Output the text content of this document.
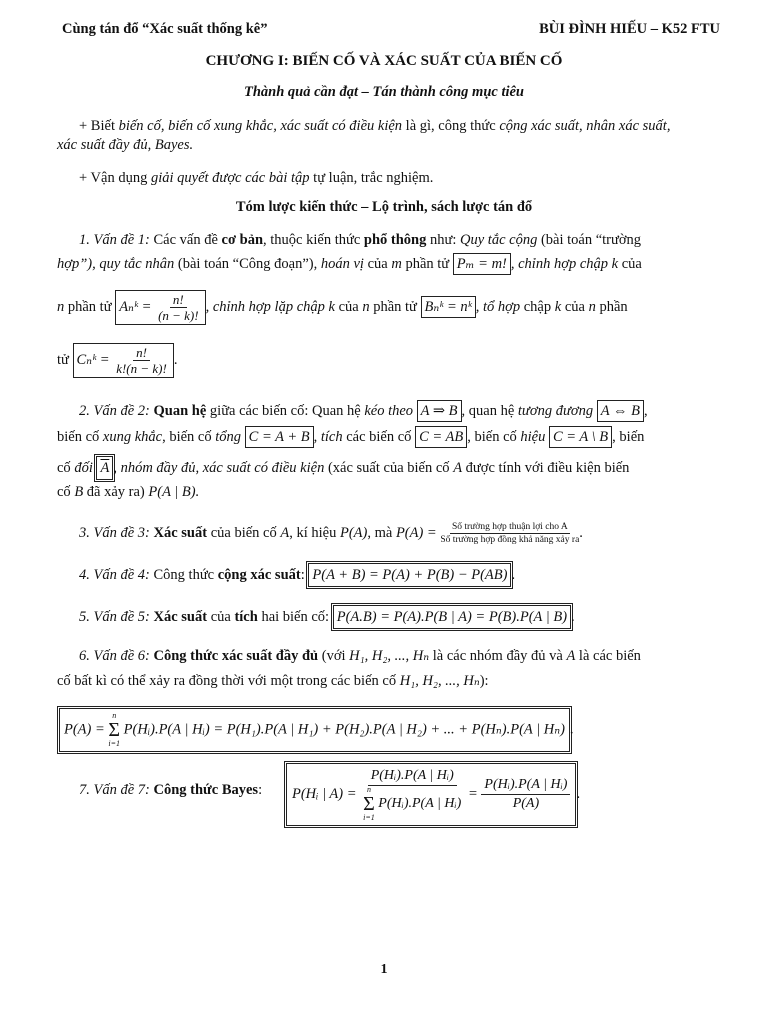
Cùng tán đổ “Xác suất thống kê”	BÙI ĐÌNH HIẾU – K52 FTU
CHƯƠNG I: BIẾN CỐ VÀ XÁC SUẤT CỦA BIẾN CỐ
Thành quả cần đạt – Tán thành công mục tiêu
+ Biết biến cố, biến cố xung khắc, xác suất có điều kiện là gì, công thức cộng xác suất, nhân xác suất,
xác suất đầy đủ, Bayes.
+ Vận dụng giải quyết được các bài tập tự luận, trắc nghiệm.
Tóm lược kiến thức – Lộ trình, sách lược tán đổ
1. Vấn đề 1: Các vấn đề cơ bản, thuộc kiến thức phổ thông như: Quy tắc cộng (bài toán “trường
hợp”), quy tắc nhân (bài toán “Công đoạn”), hoán vị của m phần tử Pₘ = m! , chỉnh hợp chập k của
n phần tử Aₙᵏ = $\frac{n!}{(n - k)!}$ , chỉnh hợp lặp chập k của n phần tử Bₙᵏ = nᵏ , tổ hợp chập k của n phần
tử Cₙᵏ = $\frac{n!}{k!(n - k)!}$ .
2. Vấn đề 2: Quan hệ giữa các biến cố: Quan hệ kéo theo A ⇒ B , quan hệ tương đương A ⇔ B ,
biến cố xung khắc, biến cố tổng C = A + B , tích các biến cố C = AB , biến cố hiệu C = A \ B , biến
cố đối $\overline{A}$ , nhóm đầy đủ, xác suất có điều kiện (xác suất của biến cố A được tính với điều kiện biến
cố B đã xảy ra) P(A | B).
3. Vấn đề 3: Xác suất của biến cố A, kí hiệu P(A), mà $P(A) = \frac{\text{Số trường hợp thuận lợi cho A}}{\text{Số trường hợp đồng khả năng xảy ra}}$ .
4. Vấn đề 4: Công thức cộng xác suất: P(A + B) = P(A) + P(B) − P(AB) .
5. Vấn đề 5: Xác suất của tích hai biến cố: P(A.B) = P(A).P(B | A) = P(B).P(A | B) .
6. Vấn đề 6: Công thức xác suất đầy đủ (với H₁, H₂, ..., Hₙ là các nhóm đầy đủ và A là các biến
cố bất kì có thể xảy ra đồng thời với một trong các biến cố H₁, H₂, ..., Hₙ):
P(A) =
n
Σ
i=1
P(Hᵢ).P(A | Hᵢ) = P(H₁).P(A | H₁) + P(H₂).P(A | H₂) + ... + P(Hₙ).P(A | Hₙ) .
7. Vấn đề 7: Công thức Bayes:	P(Hᵢ | A) = P(Hᵢ).P(A | Hᵢ)
n
Σ
i=1
P(Hᵢ).P(A | Hᵢ) = $\frac{\text{P(Hᵢ).P(A | Hᵢ)}}{P(A)}$ .
1
